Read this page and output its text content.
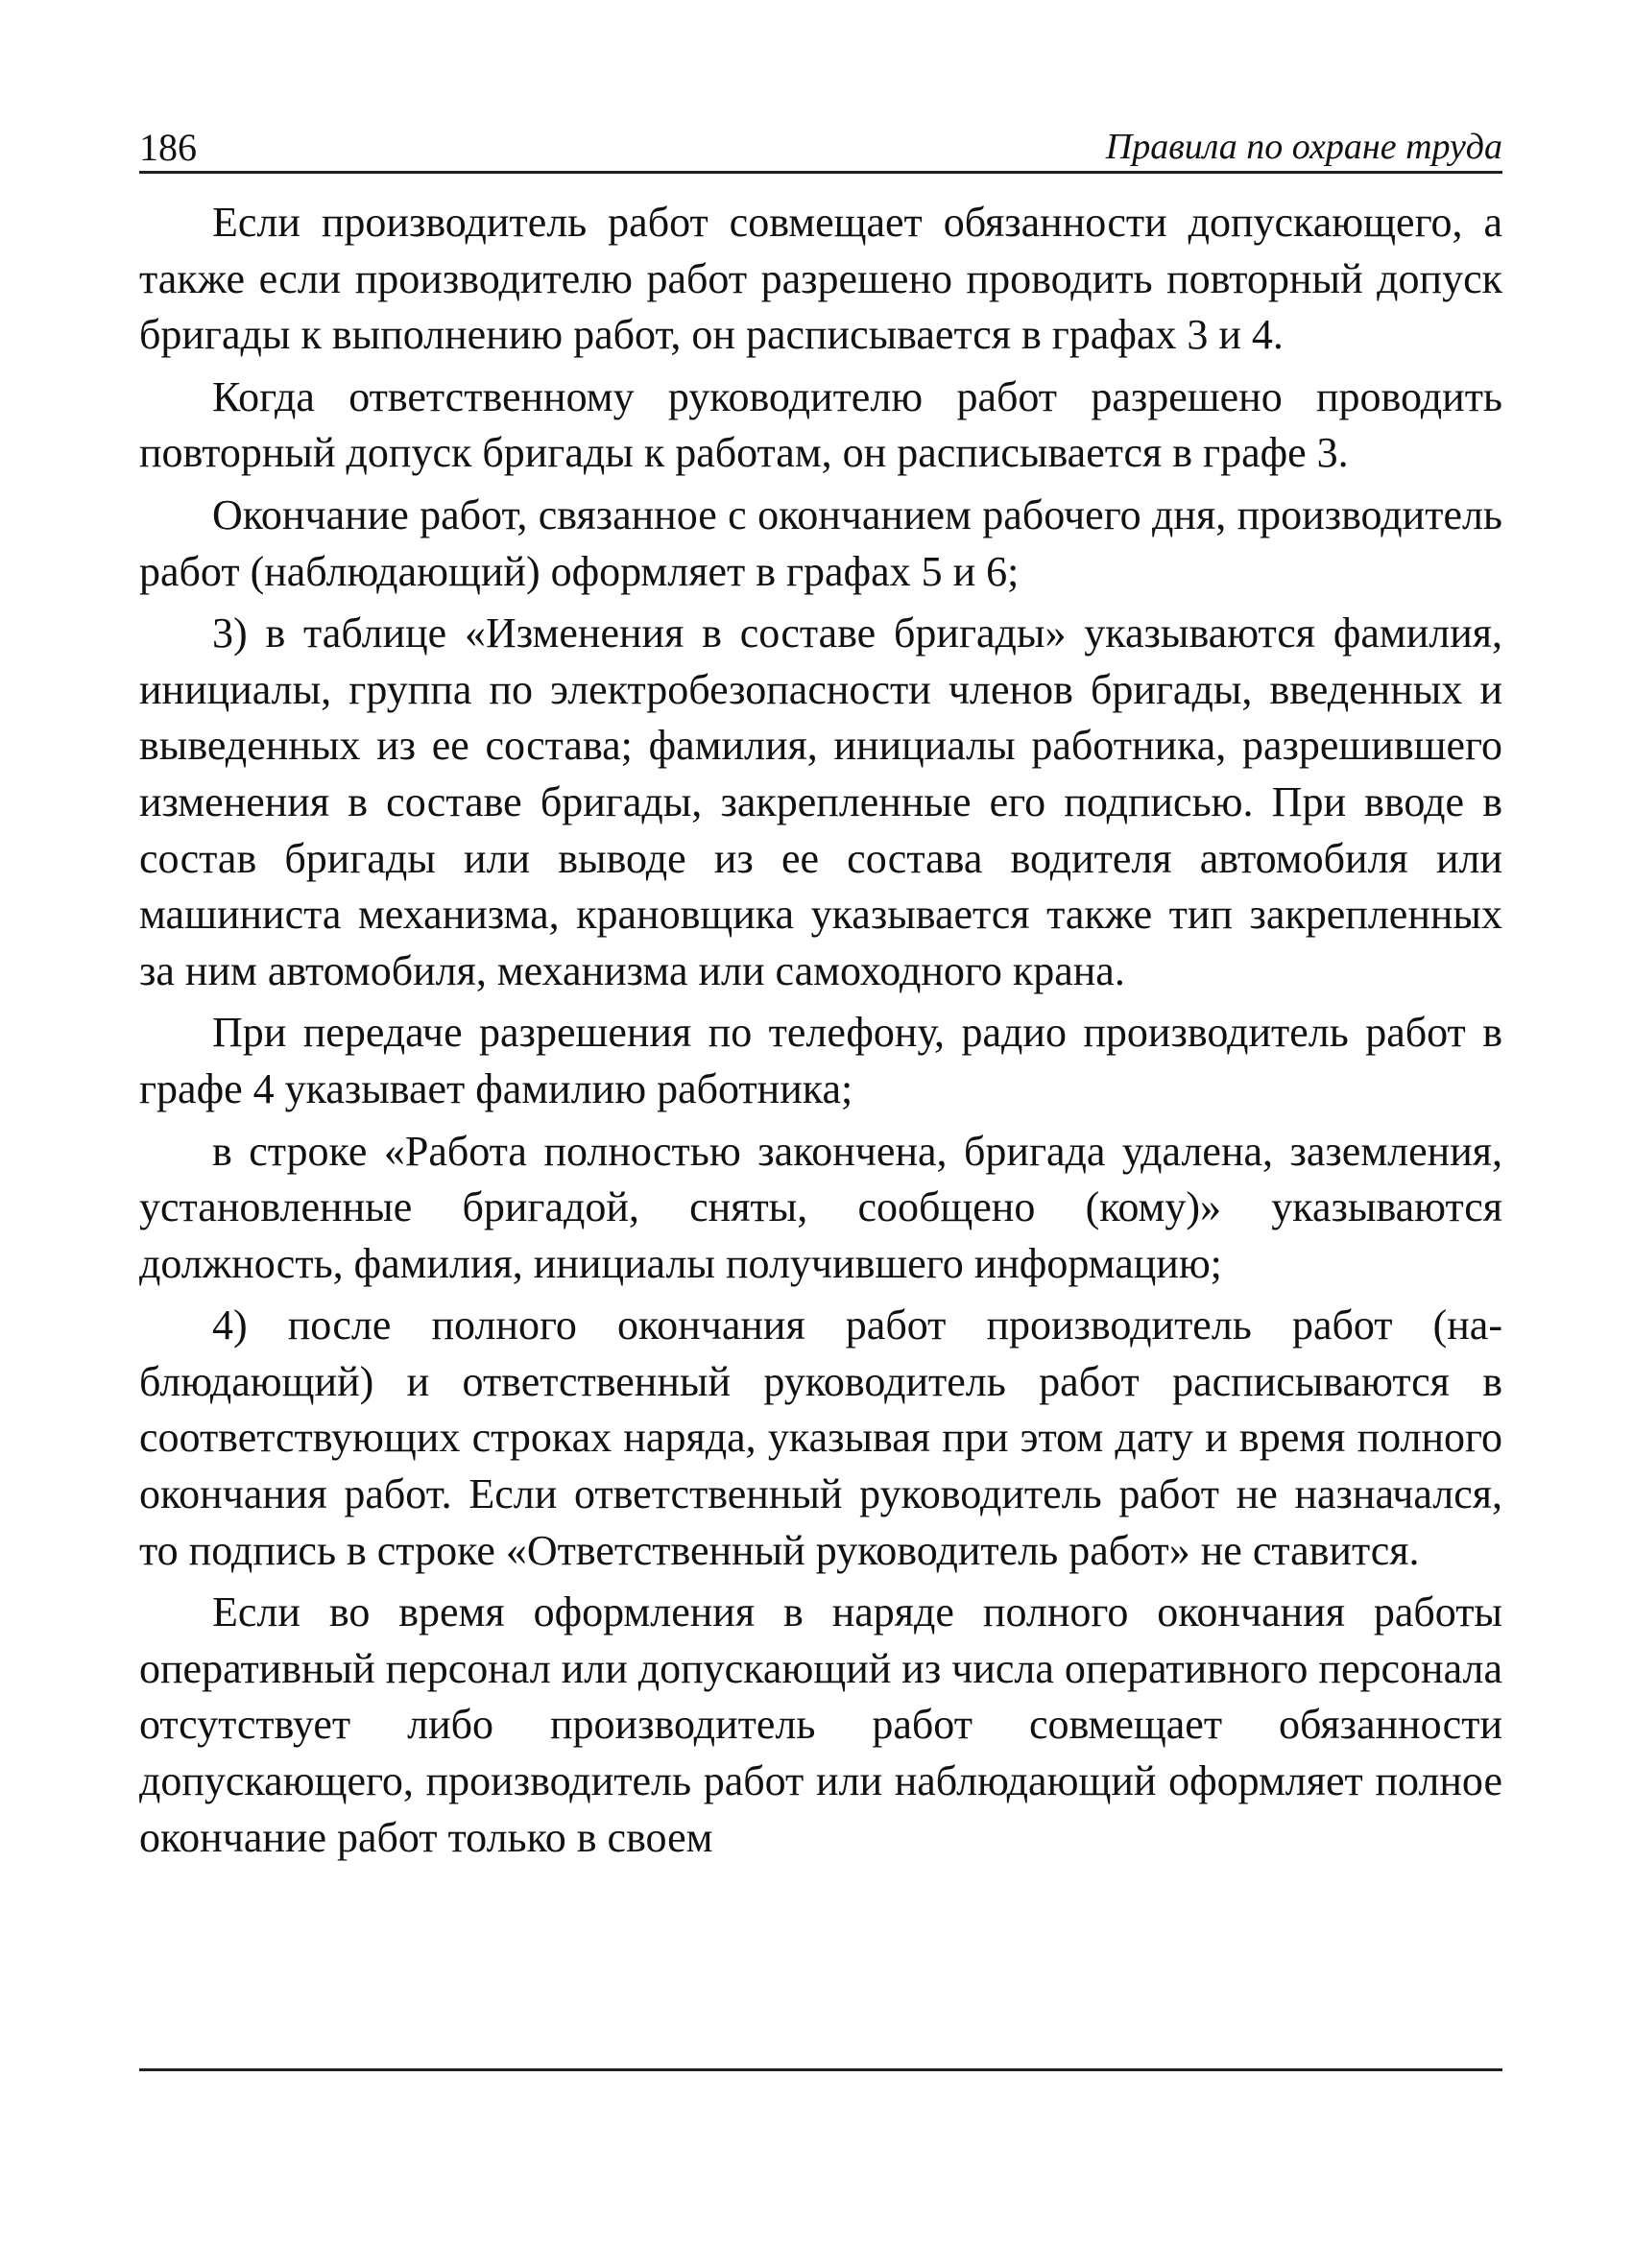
186	Правила по охране труда

Если производитель работ совмещает обязанности допускающего, а также если производителю работ разрешено проводить повторный допуск бригады к выполнению работ, он расписывается в графах 3 и 4.

Когда ответственному руководителю работ разрешено проводить повторный допуск бригады к работам, он расписывается в графе 3.

Окончание работ, связанное с окончанием рабочего дня, производитель работ (наблюдающий) оформляет в графах 5 и 6;

3) в таблице «Изменения в составе бригады» указываются фамилия, инициалы, группа по электробезопасности членов бригады, введенных и выведенных из ее состава; фамилия, инициалы работника, разрешившего изменения в составе бригады, закрепленные его подписью. При вводе в состав бригады или выводе из ее состава водителя автомобиля или машиниста механизма, крановщика указывается также тип закрепленных за ним автомобиля, механизма или самоходного крана.

При передаче разрешения по телефону, радио производитель работ в графе 4 указывает фамилию работника;

в строке «Работа полностью закончена, бригада удалена, заземления, установленные бригадой, сняты, сообщено (кому)» указываются должность, фамилия, инициалы получившего информацию;

4) после полного окончания работ производитель работ (наблюдающий) и ответственный руководитель работ расписываются в соответствующих строках наряда, указывая при этом дату и время полного окончания работ. Если ответственный руководитель работ не назначался, то подпись в строке «Ответственный руководитель работ» не ставится.

Если во время оформления в наряде полного окончания работы оперативный персонал или допускающий из числа оперативного персонала отсутствует либо производитель работ совмещает обязанности допускающего, производитель работ или наблюдающий оформляет полное окончание работ только в своем
